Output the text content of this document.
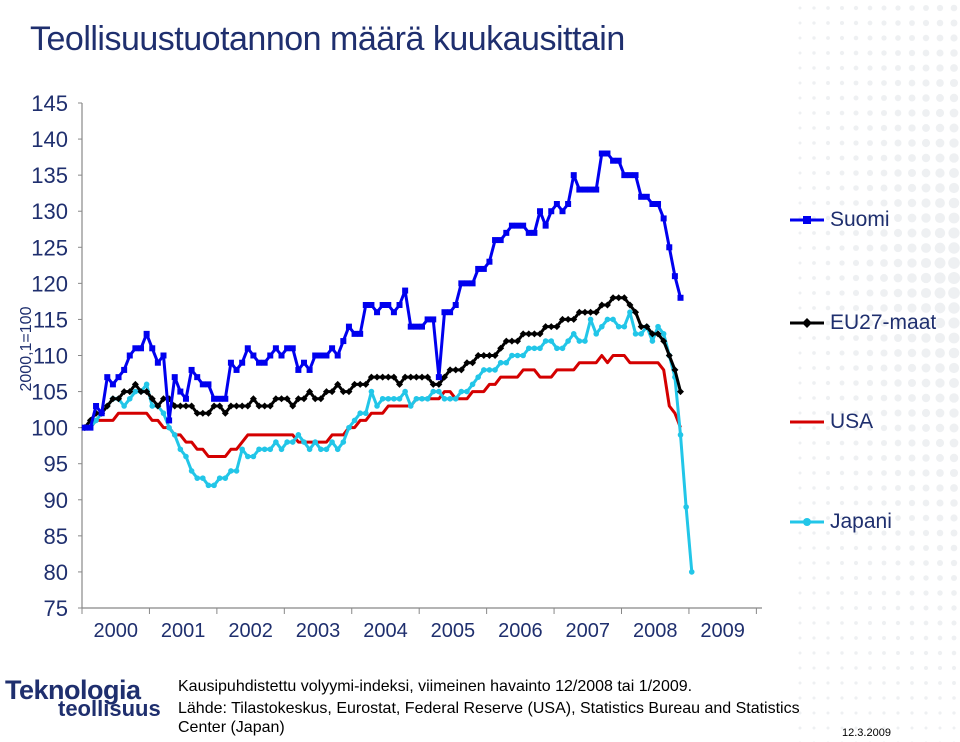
Teollisuustuotannon määrä kuukausittain
2000,1=100
145
140
135
130
125
120
115
110
105
100
95
90
85
80
75
2000 2001 2002 2003 2004 2005 2006 2007 2008 2009
Suomi
EU27-maat
USA
Japani
Teknologia
teollisuus
Kausipuhdistettu volyymi-indeksi, viimeinen havainto 12/2008 tai 1/2009.
Lähde: Tilastokeskus, Eurostat, Federal Reserve (USA), Statistics Bureau and Statistics Center (Japan)	12.3.2009
